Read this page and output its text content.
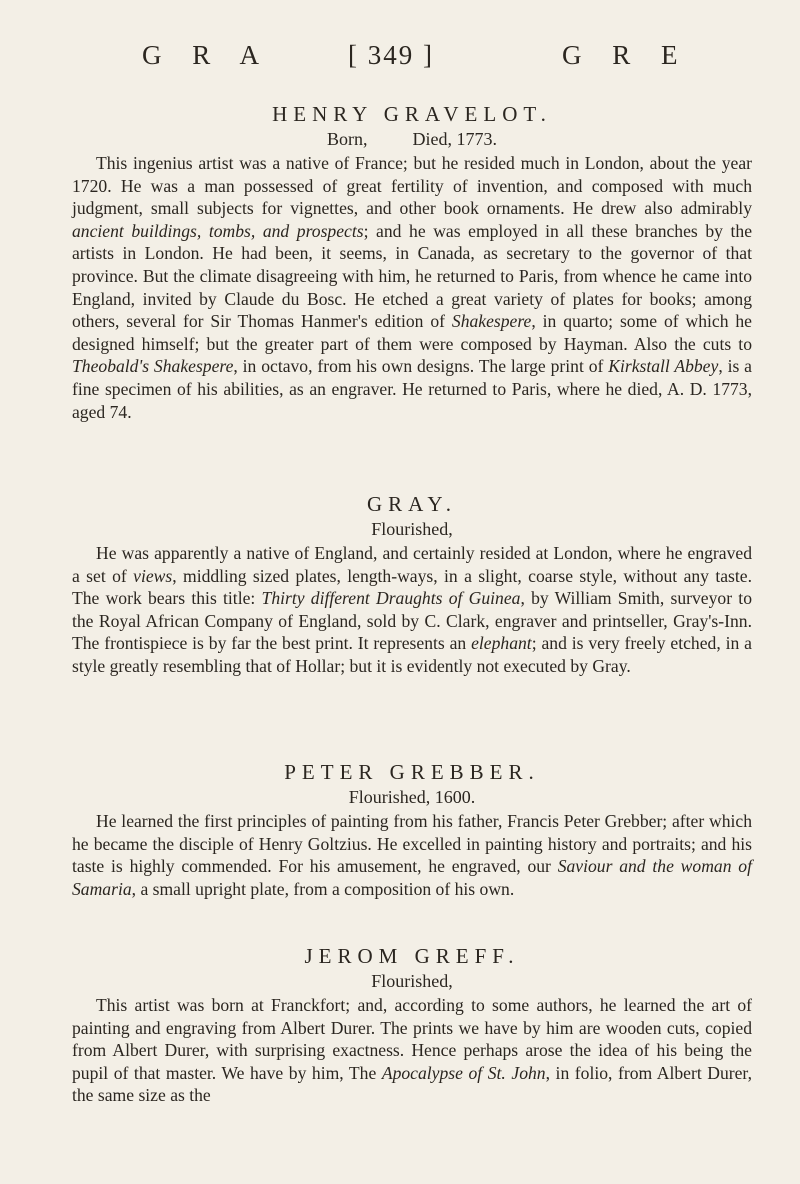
G R A	[ 349 ]	G R E
HENRY GRAVELOT.
Born,          Died, 1773.

This ingenius artist was a native of France; but he resided much in London, about the year 1720. He was a man possessed of great fertility of invention, and composed with much judgment, small subjects for vignettes, and other book ornaments. He drew also admirably ancient buildings, tombs, and prospects; and he was employed in all these branches by the artists in London. He had been, it seems, in Canada, as secretary to the governor of that province. But the climate disagreeing with him, he returned to Paris, from whence he came into England, invited by Claude du Bosc. He etched a great variety of plates for books; among others, several for Sir Thomas Hanmer's edition of Shakespere, in quarto; some of which he designed himself; but the greater part of them were composed by Hayman. Also the cuts to Theobald's Shakespere, in octavo, from his own designs. The large print of Kirkstall Abbey, is a fine specimen of his abilities, as an engraver. He returned to Paris, where he died, A. D. 1773, aged 74.

GRAY.
Flourished,

He was apparently a native of England, and certainly resided at London, where he engraved a set of views, middling sized plates, length-ways, in a slight, coarse style, without any taste. The work bears this title: Thirty different Draughts of Guinea, by William Smith, surveyor to the Royal African Company of England, sold by C. Clark, engraver and printseller, Gray's-Inn. The frontispiece is by far the best print. It represents an elephant; and is very freely etched, in a style greatly resembling that of Hollar; but it is evidently not executed by Gray.

PETER GREBBER.
Flourished, 1600.

He learned the first principles of painting from his father, Francis Peter Grebber; after which he became the disciple of Henry Goltzius. He excelled in painting history and portraits; and his taste is highly commended. For his amusement, he engraved, our Saviour and the woman of Samaria, a small upright plate, from a composition of his own.

JEROM GREFF.
Flourished,

This artist was born at Franckfort; and, according to some authors, he learned the art of painting and engraving from Albert Durer. The prints we have by him are wooden cuts, copied from Albert Durer, with surprising exactness. Hence perhaps arose the idea of his being the pupil of that master. We have by him, The Apocalypse of St. John, in folio, from Albert Durer, the same size as the
